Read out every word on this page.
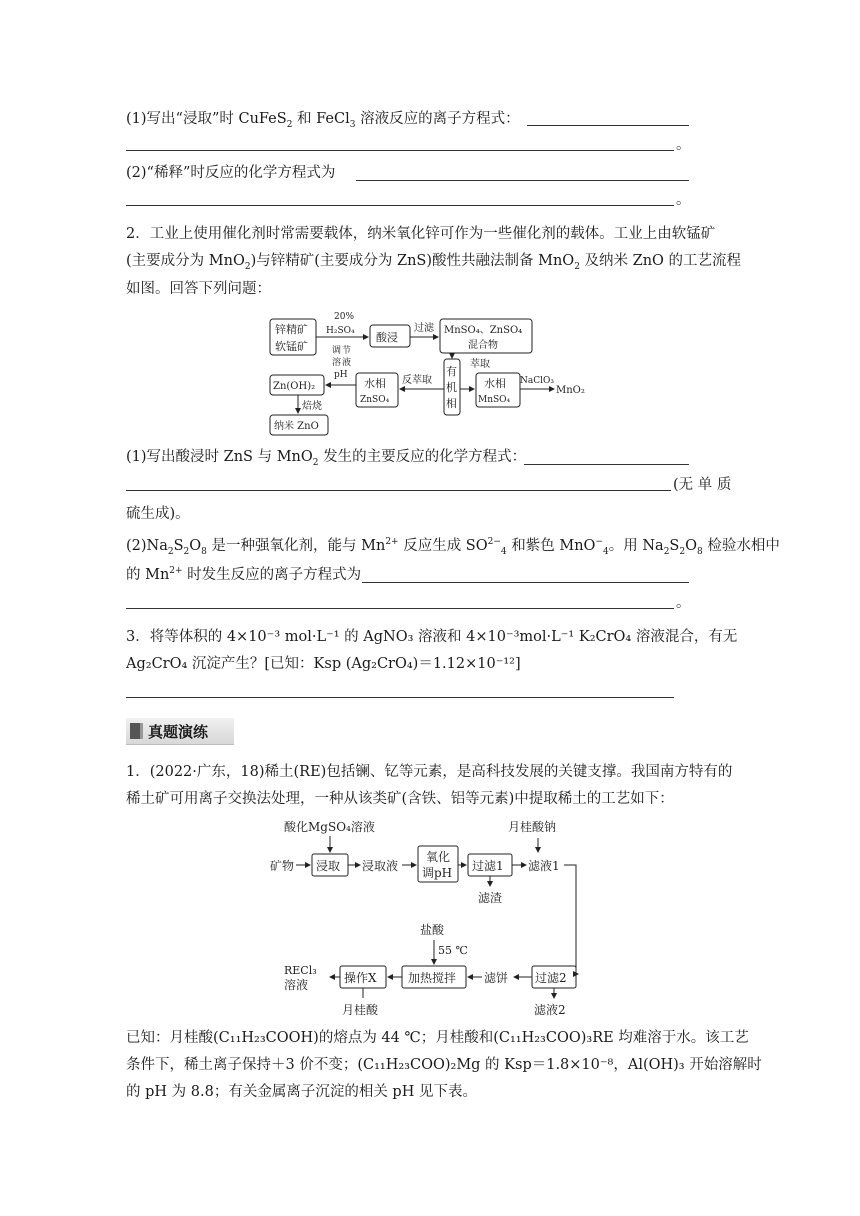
(1)写出“浸取”时 CuFeS$_2$ 和 FeCl$_3$ 溶液反应的离子方程式：
。
(2)“稀释”时反应的化学方程式为
。
2．工业上使用催化剂时常需要载体，纳米氧化锌可作为一些催化剂的载体。工业上由软锰矿
(主要成分为 MnO$_2$)与锌精矿(主要成分为 ZnS)酸性共融法制备 MnO$_2$ 及纳米 ZnO 的工艺流程
如图。回答下列问题：
锌精矿
软锰矿
20%
H₂SO₄ 酸浸
过滤 MnSO₄、ZnSO₄
混合物
萃取
有
机
相
反萃取
水相
ZnSO₄
水相
MnSO₄
NaClO₃
MnO₂
调 节
溶 液
pH
Zn(OH)₂
焙烧
纳米 ZnO
(1)写出酸浸时 ZnS 与 MnO$_2$ 发生的主要反应的化学方程式：
(无 单 质
硫生成)。
$(2)Na_2S_2O_8$ 是一种强氧化剂，能与 $Mn^{2+}$ 反应生成 $SO^{2-}_4$ 和紫色 MnO−$_4$。用 $Na_2S_2O_8$ 检验水相中
的 $Mn^{2+}$ 时发生反应的离子方程式为
。
3．将等体积的 4×10⁻³ mol·L⁻¹ 的 AgNO₃ 溶液和 4×10⁻³mol·L⁻¹ K₂CrO₄ 溶液混合，有无
Ag₂CrO₄ 沉淀产生？[已知：Ksp (Ag₂CrO₄)＝1.12×10⁻¹²]
真题演练
1．(2022·广东，18)稀土(RE)包括镧、钇等元素，是高科技发展的关键支撑。我国南方特有的
稀土矿可用离子交换法处理，一种从该类矿(含铁、铝等元素)中提取稀土的工艺如下：
酸化MgSO₄溶液	月桂酸钠
矿物 浸取 浸取液
氧化
调pH 过滤1 滤液1
滤渣
盐酸
55 ℃
RECl₃
溶液	操作X	加热搅拌 滤饼 过滤2
滤液2
月桂酸
已知：月桂酸(C₁₁H₂₃COOH)的熔点为 44 ℃；月桂酸和(C₁₁H₂₃COO)₃RE 均难溶于水。该工艺
条件下，稀土离子保持＋3 价不变；(C₁₁H₂₃COO)₂Mg 的 Ksp＝1.8×10⁻⁸，Al(OH)₃ 开始溶解时
的 pH 为 8.8；有关金属离子沉淀的相关 pH 见下表。
